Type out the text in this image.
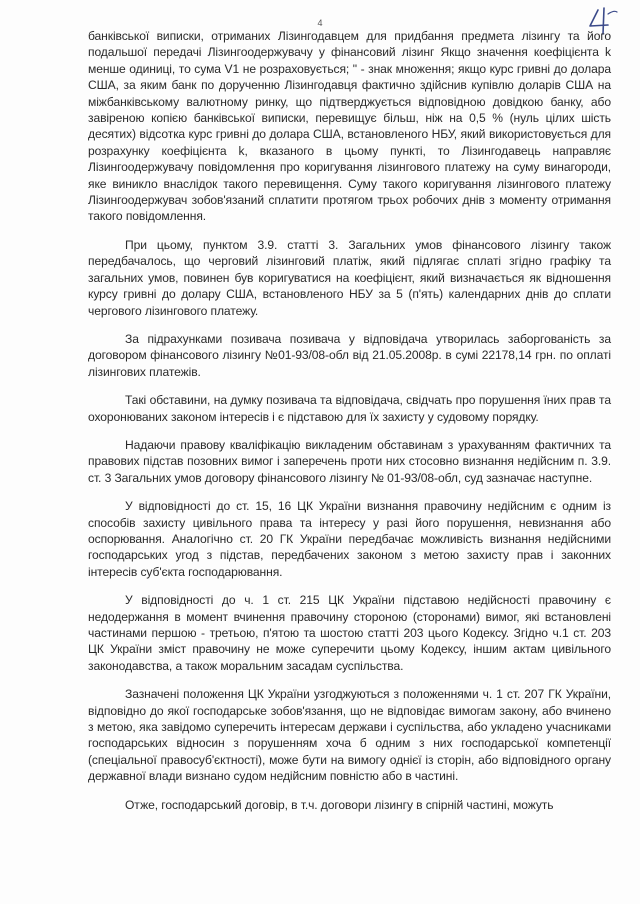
4

банківської виписки, отриманих Лізингодавцем для придбання предмета лізингу та його подальшої передачі Лізингоодержувачу у фінансовий лізинг Якщо значення коефіцієнта k менше одиниці, то сума V1 не розраховується; " - знак множення; якщо курс гривні до долара США, за яким банк по дорученню Лізингодавця фактично здійснив купівлю доларів США на міжбанківському валютному ринку, що підтверджується відповідною довідкою банку, або завіреною копією банківської виписки, перевищує більш, ніж на 0,5 % (нуль цілих шість десятих) відсоткa курс гривні до долара США, встановленого НБУ, який використовується для розрахунку коефіцієнта k, вказаного в цьому пункті, то Лізингодавець направляє Лізингоодержувачу повідомлення про коригування лізингового платежу на суму винагороди, яке виникло внаслідок такого перевищення. Суму такого коригування лізингового платежу Лізингоодержувач зобов'язаний сплатити протягом трьох робочих днів з моменту отримання такого повідомлення.

При цьому, пунктом 3.9. статті 3. Загальних умов фінансового лізингу також передбачалось, що черговий лізинговий платіж, який підлягає сплаті згідно графіку та загальних умов, повинен був коригуватися на коефіцієнт, який визначається як відношення курсу гривні до долару США, встановленого НБУ за 5 (п'ять) календарних днів до сплати чергового лізингового платежу.

За підрахунками позивача позивача у відповідача утворилась заборгованість за договором фінансового лізингу №01-93/08-обл від 21.05.2008р. в сумі 22178,14 грн. по оплаті лізингових платежів.

Такі обставини, на думку позивача та відповідача, свідчать про порушення їних прав та охоронюваних законом інтересів і є підставою для їх захисту у судовому порядку.

Надаючи правову кваліфікацію викладеним обставинам з урахуванням фактичних та правових підстав позовних вимог і заперечень проти них стосовно визнання недійсним п. 3.9. ст. 3 Загальних умов договору фінансового лізингу № 01-93/08-обл, суд зазначає наступне.

У відповідності до ст. 15, 16 ЦК України визнання правочину недійсним є одним із способів захисту цивільного права та інтересу у разі його порушення, невизнання або оспорювання. Аналогічно ст. 20 ГК України передбачає можливість визнання недійсними господарських угод з підстав, передбачених законом з метою захисту прав і законних інтересів суб'єкта господарювання.

У відповідності до ч. 1 ст. 215 ЦК України підставою недійсності правочину є недодержання в момент вчинення правочину стороною (сторонами) вимог, які встановлені частинами першою - третьою, п'ятою та шостою статті 203 цього Кодексу. Згідно ч.1 ст. 203 ЦК України зміст правочину не може суперечити цьому Кодексу, іншим актам цивільного законодавства, а також моральним засадам суспільства.

Зазначені положення ЦК України узгоджуються з положеннями ч. 1 ст. 207 ГК України, відповідно до якої господарське зобов'язання, що не відповідає вимогам закону, або вчинено з метою, яка завідомо суперечить інтересам держави і суспільства, або укладено учасниками господарських відносин з порушенням хоча б одним з них господарської компетенції (спеціальної правосуб'єктності), може бути на вимогу однієї із сторін, або відповідного органу державної влади визнано судом недійсним повністю або в частині.

Отже, господарський договір, в т.ч. договори лізингу в спірній частині, можуть
